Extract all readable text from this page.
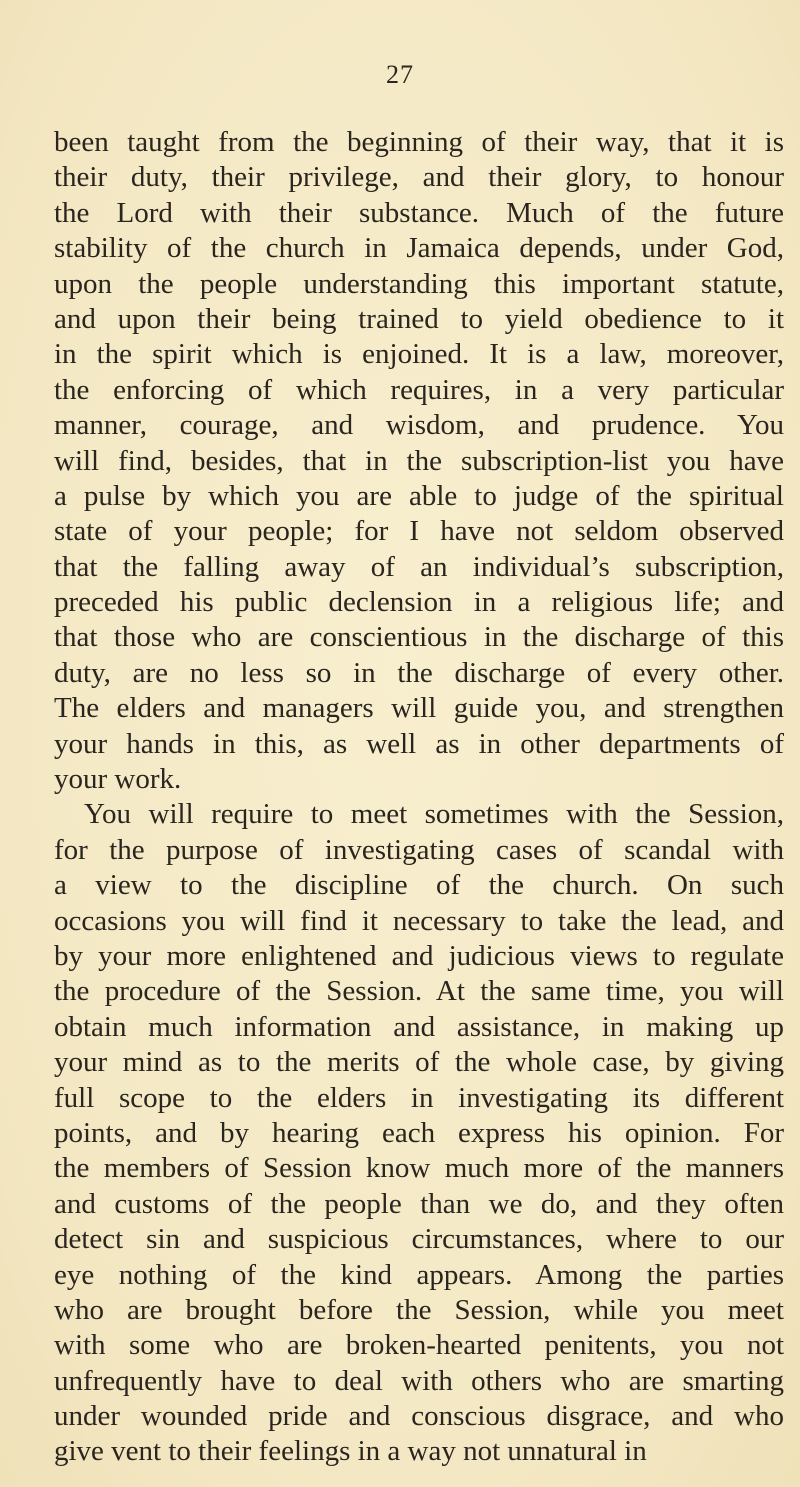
27
been taught from the beginning of their way, that it is
their duty, their privilege, and their glory, to honour
the Lord with their substance. Much of the future
stability of the church in Jamaica depends, under God,
upon the people understanding this important statute,
and upon their being trained to yield obedience to it
in the spirit which is enjoined. It is a law, moreover,
the enforcing of which requires, in a very particular
manner, courage, and wisdom, and prudence. You
will find, besides, that in the subscription-list you have
a pulse by which you are able to judge of the spiritual
state of your people; for I have not seldom observed
that the falling away of an individual’s subscription,
preceded his public declension in a religious life; and
that those who are conscientious in the discharge of this
duty, are no less so in the discharge of every other.
The elders and managers will guide you, and strengthen
your hands in this, as well as in other departments of
your work.
You will require to meet sometimes with the Session,
for the purpose of investigating cases of scandal with
a view to the discipline of the church. On such
occasions you will find it necessary to take the lead, and
by your more enlightened and judicious views to regulate
the procedure of the Session. At the same time, you will
obtain much information and assistance, in making up
your mind as to the merits of the whole case, by giving
full scope to the elders in investigating its different
points, and by hearing each express his opinion. For
the members of Session know much more of the manners
and customs of the people than we do, and they often
detect sin and suspicious circumstances, where to our
eye nothing of the kind appears. Among the parties
who are brought before the Session, while you meet
with some who are broken-hearted penitents, you not
unfrequently have to deal with others who are smarting
under wounded pride and conscious disgrace, and who
give vent to their feelings in a way not unnatural in
